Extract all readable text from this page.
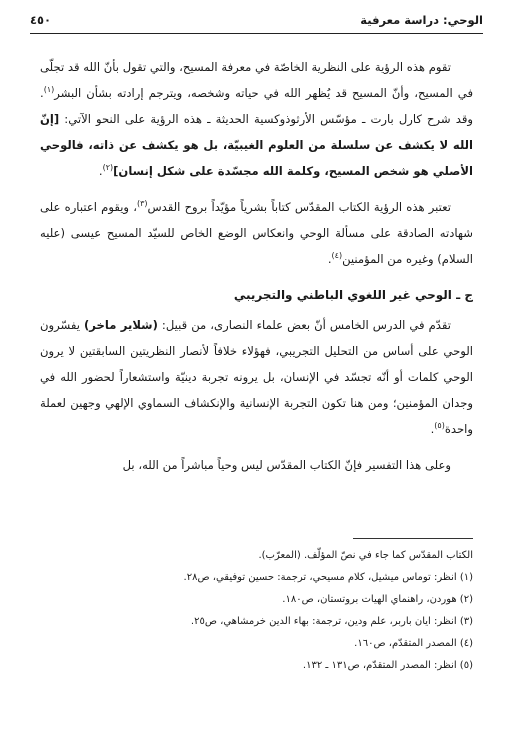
الوحي: دراسة معرفية
٤٥٠

تقوم هذه الرؤية على النظرية الخاصّة في معرفة المسيح، والتي تقول بأنّ الله قد تجلّى في المسيح، وأنّ المسيح قد يُظهر الله في حياته وشخصه، ويترجم إرادته بشأن البشر$^{(١)}$. وقد شرح كارل بارت ـ مؤسّس الأرثوذوكسية الحديثة ـ هذه الرؤية على النحو الآتي: [إنّ الله لا يكشف عن سلسلة من العلوم الغيبيّة، بل هو يكشف عن ذاته، فالوحي الأصلي هو شخص المسيح، وكلمة الله مجسّدة على شكل إنسان]$^{(٢)}$.

تعتبر هذه الرؤية الكتاب المقدّس كتاباً بشرياً مؤيّداً بروح القدس$^{(٣)}$، ويقوم اعتباره على شهادته الصادقة على مسألة الوحي وانعكاس الوضع الخاص للسيّد المسيح عيسى (عليه السلام) وغيره من المؤمنين$^{(٤)}$.

ج ـ الوحي غير اللغوي الباطني والتجريبي

تقدّم في الدرس الخامس أنّ بعض علماء النصارى، من قبيل: (شلاير ماخر) يفسّرون الوحي على أساس من التحليل التجريبي، فهؤلاء خلافاً لأنصار النظريتين السابقتين لا يرون الوحي كلمات أو أنّه تجسّد في الإنسان، بل يرونه تجربة دينيّة واستشعاراً لحضور الله في وجدان المؤمنين؛ ومن هنا تكون التجربة الإنسانية والإنكشاف السماوي الإلهي وجهين لعملة واحدة$^{(٥)}$.

وعلى هذا التفسير فإنّ الكتاب المقدّس ليس وحياً مباشراً من الله، بل

الكتاب المقدّس كما جاء في نصّ المؤلّف. (المعرّب).

(١) انظر: توماس ميشيل، كلام مسيحي، ترجمة: حسين توفيقي، ص٢٨.

(٢) هوردن، راهنماي الهيات بروتستان، ص١٨٠.

(٣) انظر: ايان باربر، علم ودين، ترجمة: بهاء الدين خرمشاهي، ص٢٥.

(٤) المصدر المتقدّم، ص١٦٠.

(٥) انظر: المصدر المتقدّم، ص١٣١ ـ ١٣٢.
